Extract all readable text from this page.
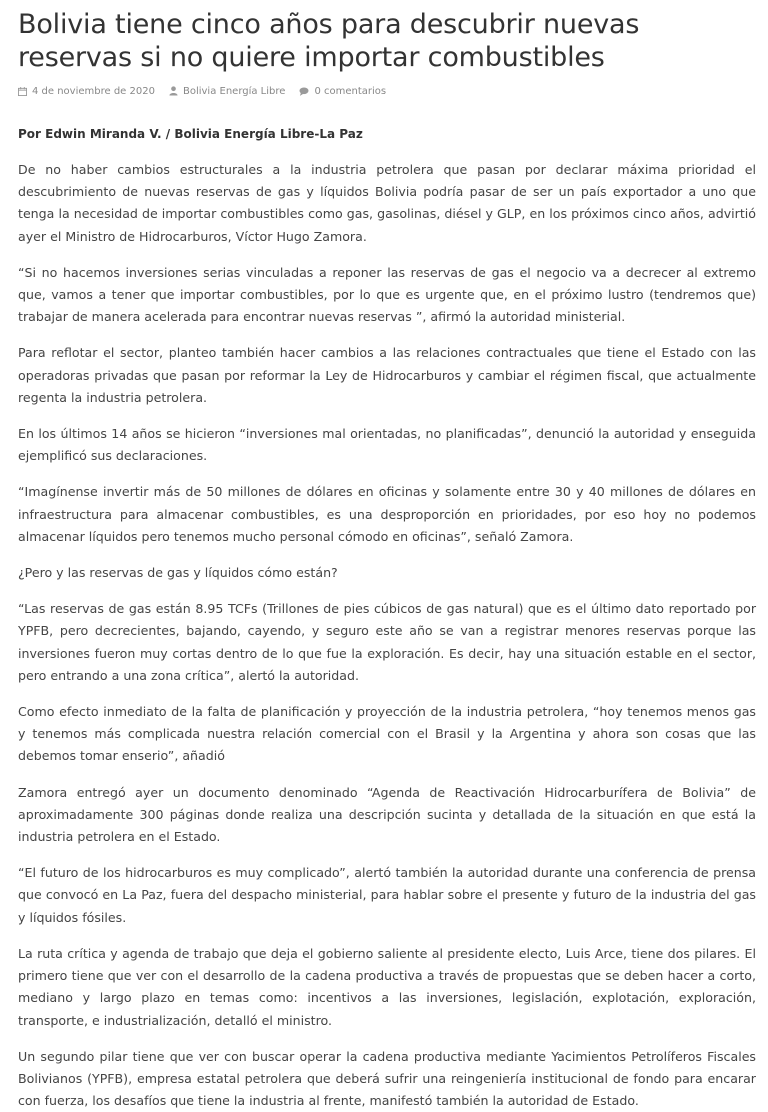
Bolivia tiene cinco años para descubrir nuevas reservas si no quiere importar combustibles
4 de noviembre de 2020	Bolivia Energía Libre	0 comentarios

Por Edwin Miranda V. / Bolivia Energía Libre-La Paz

De no haber cambios estructurales a la industria petrolera que pasan por declarar máxima prioridad el descubrimiento de nuevas reservas de gas y líquidos Bolivia podría pasar de ser un país exportador a uno que tenga la necesidad de importar combustibles como gas, gasolinas, diésel y GLP, en los próximos cinco años, advirtió ayer el Ministro de Hidrocarburos, Víctor Hugo Zamora.

“Si no hacemos inversiones serias vinculadas a reponer las reservas de gas el negocio va a decrecer al extremo que, vamos a tener que importar combustibles, por lo que es urgente que, en el próximo lustro (tendremos que) trabajar de manera acelerada para encontrar nuevas reservas ”, afirmó la autoridad ministerial.

Para reflotar el sector, planteo también hacer cambios a las relaciones contractuales que tiene el Estado con las operadoras privadas que pasan por reformar la Ley de Hidrocarburos y cambiar el régimen fiscal, que actualmente regenta la industria petrolera.

En los últimos 14 años se hicieron “inversiones mal orientadas, no planificadas”, denunció la autoridad y enseguida ejemplificó sus declaraciones.

“Imagínense invertir más de 50 millones de dólares en oficinas y solamente entre 30 y 40 millones de dólares en infraestructura para almacenar combustibles, es una desproporción en prioridades, por eso hoy no podemos almacenar líquidos pero tenemos mucho personal cómodo en oficinas”, señaló Zamora.

¿Pero y las reservas de gas y líquidos cómo están?

“Las reservas de gas están 8.95 TCFs (Trillones de pies cúbicos de gas natural) que es el último dato reportado por YPFB, pero decrecientes, bajando, cayendo, y seguro este año se van a registrar menores reservas porque las inversiones fueron muy cortas dentro de lo que fue la exploración. Es decir, hay una situación estable en el sector, pero entrando a una zona crítica”, alertó la autoridad.

Como efecto inmediato de la falta de planificación y proyección de la industria petrolera, “hoy tenemos menos gas y tenemos más complicada nuestra relación comercial con el Brasil y la Argentina y ahora son cosas que las debemos tomar enserio”, añadió

Zamora entregó ayer un documento denominado “Agenda de Reactivación Hidrocarburífera de Bolivia” de aproximadamente 300 páginas donde realiza una descripción sucinta y detallada de la situación en que está la industria petrolera en el Estado.

“El futuro de los hidrocarburos es muy complicado”, alertó también la autoridad durante una conferencia de prensa que convocó en La Paz, fuera del despacho ministerial, para hablar sobre el presente y futuro de la industria del gas y líquidos fósiles.

La ruta crítica y agenda de trabajo que deja el gobierno saliente al presidente electo, Luis Arce, tiene dos pilares. El primero tiene que ver con el desarrollo de la cadena productiva a través de propuestas que se deben hacer a corto, mediano y largo plazo en temas como: incentivos a las inversiones, legislación, explotación, exploración, transporte, e industrialización, detalló el ministro.

Un segundo pilar tiene que ver con buscar operar la cadena productiva mediante Yacimientos Petrolíferos Fiscales Bolivianos (YPFB), empresa estatal petrolera que deberá sufrir una reingeniería institucional de fondo para encarar con fuerza, los desafíos que tiene la industria al frente, manifestó también la autoridad de Estado.
